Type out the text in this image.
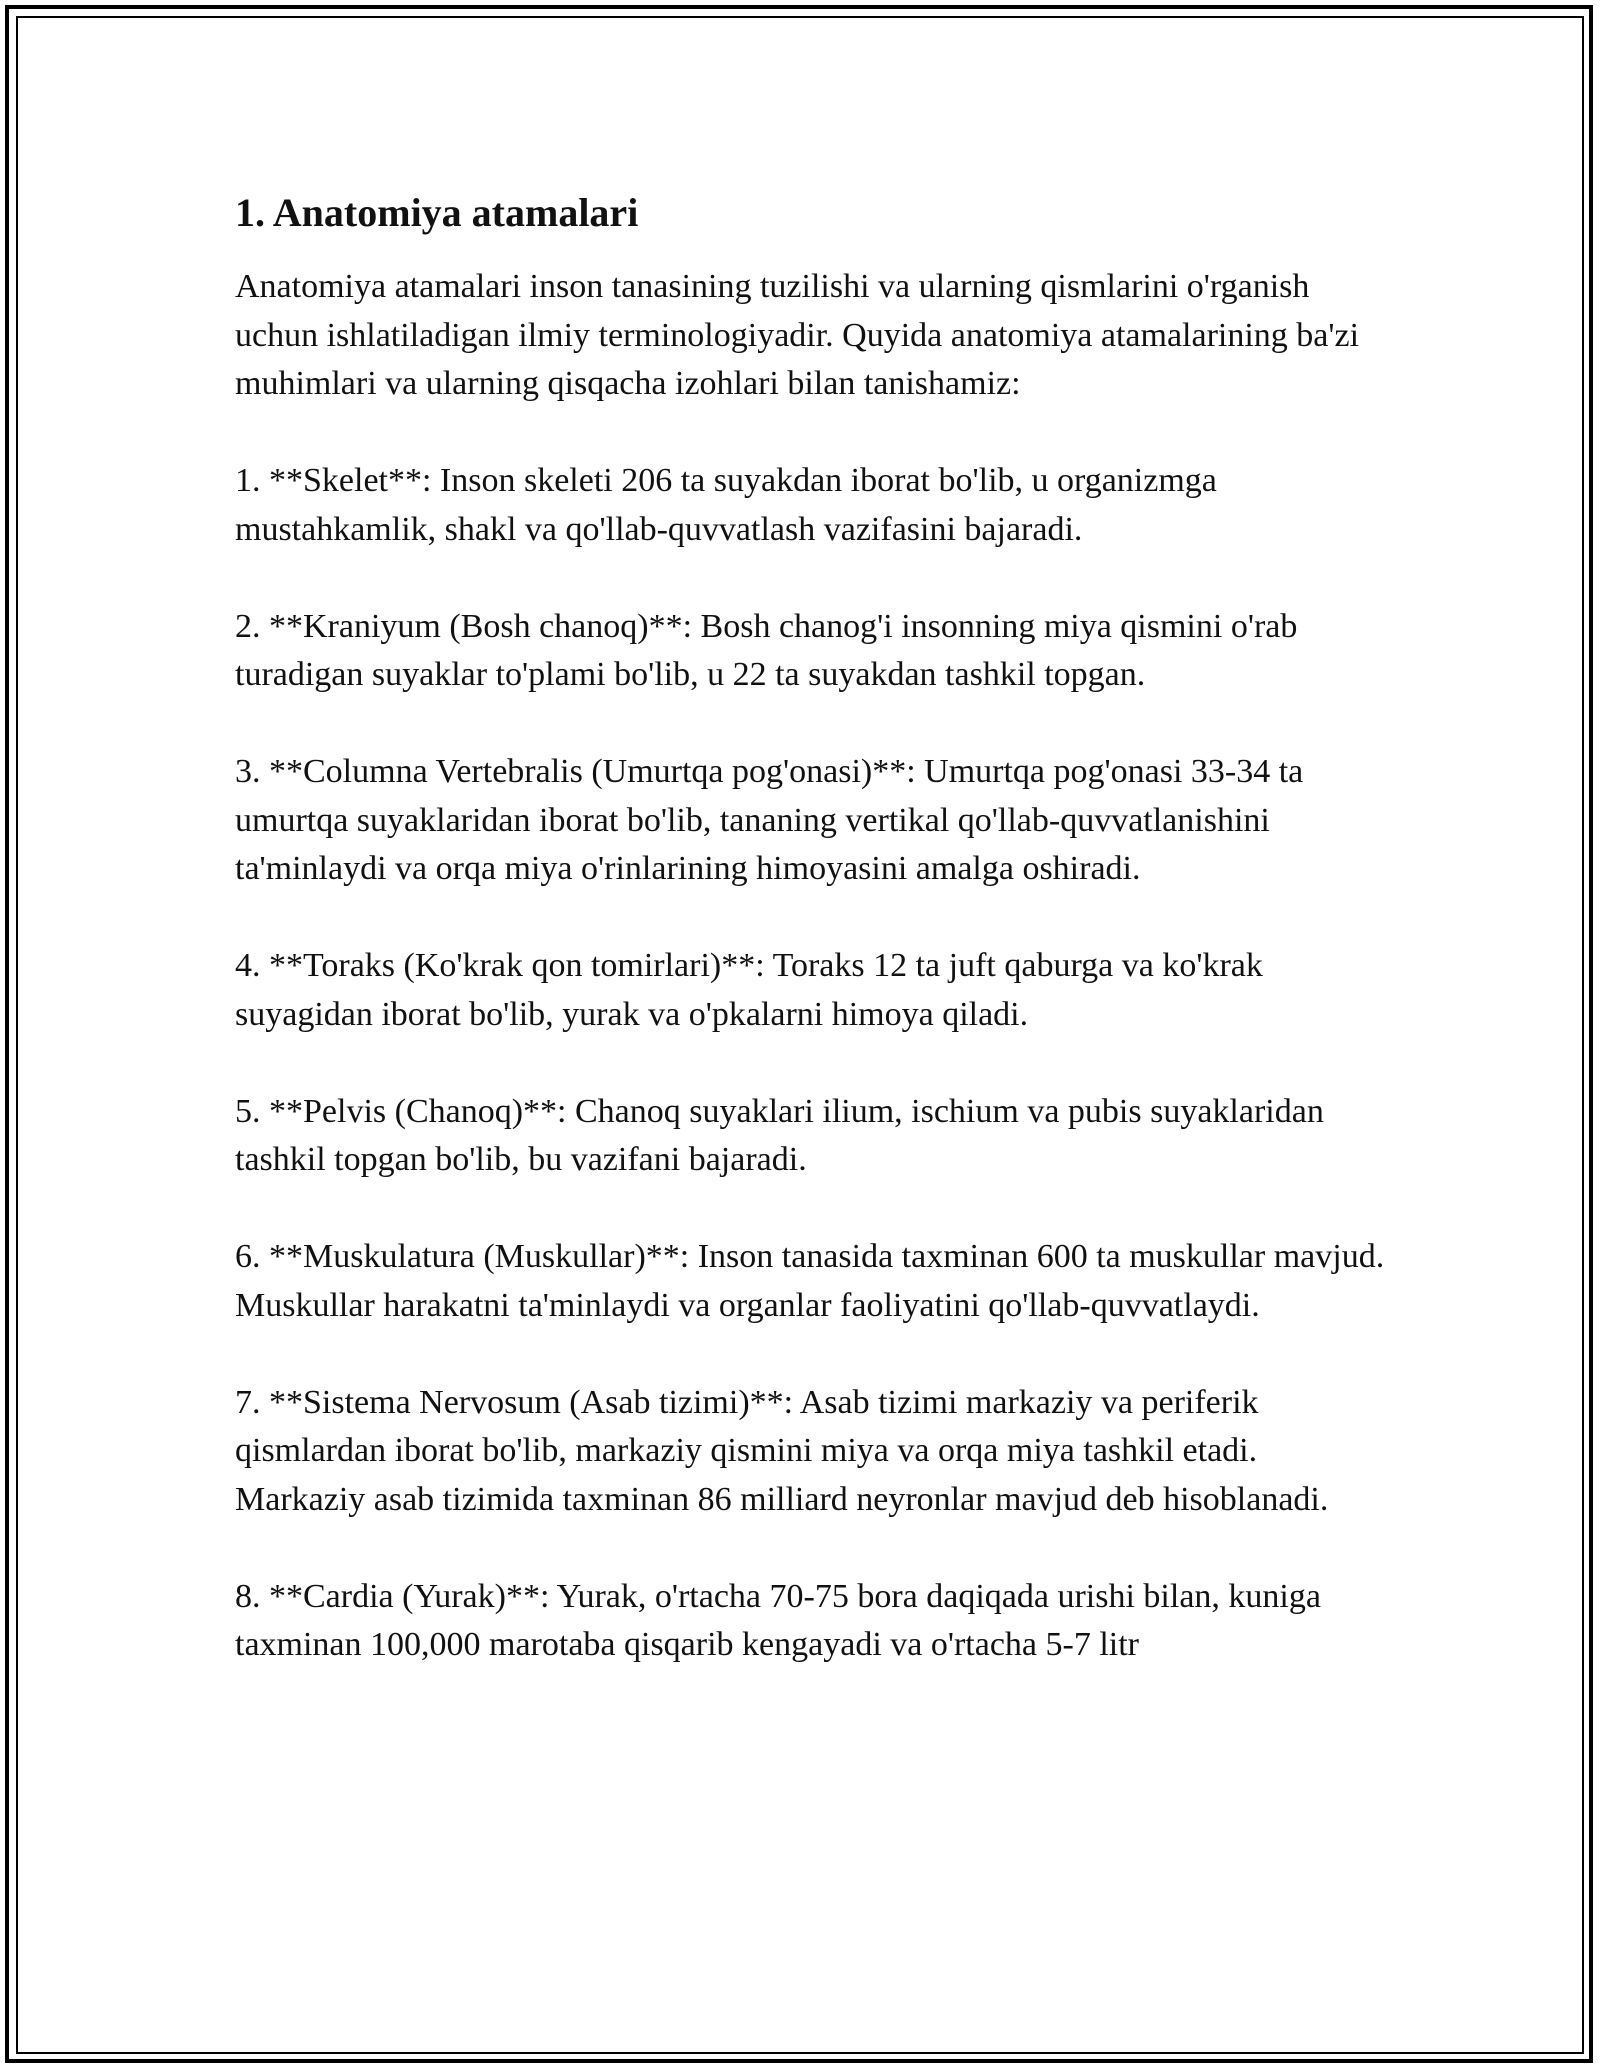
1. Anatomiya atamalari

Anatomiya atamalari inson tanasining tuzilishi va ularning qismlarini o'rganish uchun ishlatiladigan ilmiy terminologiyadir. Quyida anatomiya atamalarining ba'zi muhimlari va ularning qisqacha izohlari bilan tanishamiz:

1. **Skelet**: Inson skeleti 206 ta suyakdan iborat bo'lib, u organizmga mustahkamlik, shakl va qo'llab-quvvatlash vazifasini bajaradi.

2. **Kraniyum (Bosh chanoq)**: Bosh chanog'i insonning miya qismini o'rab turadigan suyaklar to'plami bo'lib, u 22 ta suyakdan tashkil topgan.

3. **Columna Vertebralis (Umurtqa pog'onasi)**: Umurtqa pog'onasi 33-34 ta umurtqa suyaklaridan iborat bo'lib, tananing vertikal qo'llab-quvvatlanishini ta'minlaydi va orqa miya o'rinlarining himoyasini amalga oshiradi.

4. **Toraks (Ko'krak qon tomirlari)**: Toraks 12 ta juft qaburga va ko'krak suyagidan iborat bo'lib, yurak va o'pkalarni himoya qiladi.

5. **Pelvis (Chanoq)**: Chanoq suyaklari ilium, ischium va pubis suyaklaridan tashkil topgan bo'lib, bu vazifani bajaradi.

6. **Muskulatura (Muskullar)**: Inson tanasida taxminan 600 ta muskullar mavjud. Muskullar harakatni ta'minlaydi va organlar faoliyatini qo'llab-quvvatlaydi.

7. **Sistema Nervosum (Asab tizimi)**: Asab tizimi markaziy va periferik qismlardan iborat bo'lib, markaziy qismini miya va orqa miya tashkil etadi. Markaziy asab tizimida taxminan 86 milliard neyronlar mavjud deb hisoblanadi.

8. **Cardia (Yurak)**: Yurak, o'rtacha 70-75 bora daqiqada urishi bilan, kuniga taxminan 100,000 marotaba qisqarib kengayadi va o'rtacha 5-7 litr
